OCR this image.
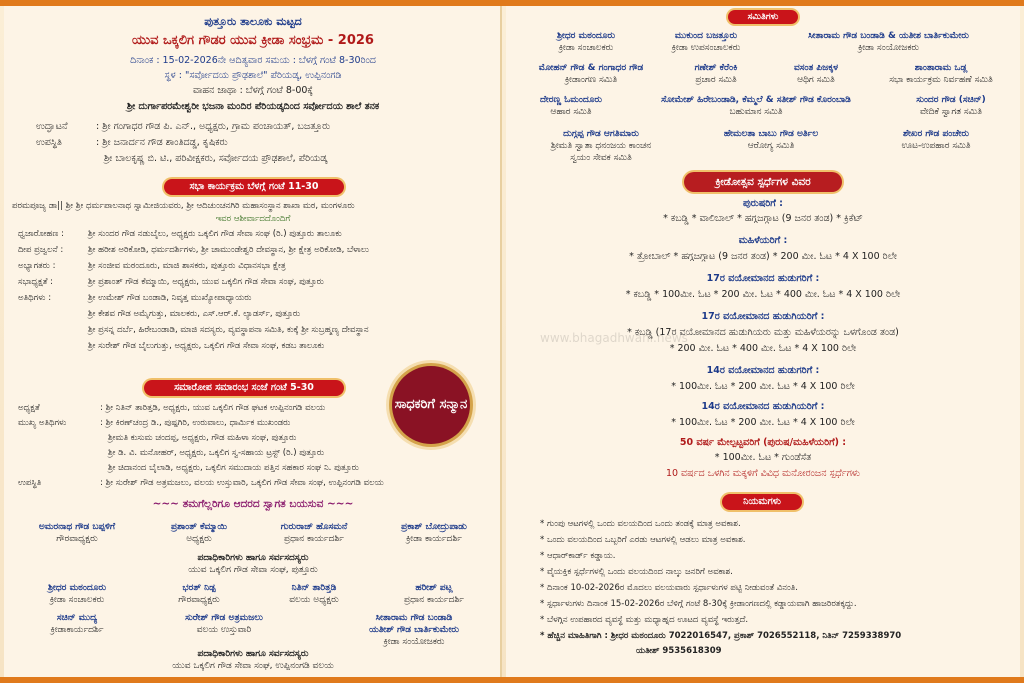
ಪುತ್ತೂರು ತಾಲೂಕು ಮಟ್ಟದ
ಯುವ ಒಕ್ಕಲಿಗ ಗೌಡರ ಯುವ ಕ್ರೀಡಾ ಸಂಭ್ರಮ - 2026
ದಿನಾಂಕ : 15-02-2026ನೇ ಆದಿತ್ಯವಾರ ಸಮಯ : ಬೆಳಗ್ಗೆ ಗಂಟೆ 8-30ರಿಂದ
ಸ್ಥಳ : "ಸರ್ವೋದಯ ಪ್ರೌಢಶಾಲೆ" ಪೆರಿಯಡ್ಕ, ಉಪ್ಪಿನಂಗಡಿ
ವಾಹನ ಜಾಥಾ : ಬೆಳಗ್ಗೆ ಗಂಟೆ 8-00ಕ್ಕೆ
ಶ್ರೀ ದುರ್ಗಾಪರಮೇಶ್ವರೀ ಭಜನಾ ಮಂದಿರ ಪೆರಿಯಡ್ಕದಿಂದ ಸರ್ವೋದಯ ಶಾಲೆ ತನಕ
ಉದ್ಘಾಟನೆ	: ಶ್ರೀ ಗಂಗಾಧರ ಗೌಡ ಪಿ. ಎನ್., ಅಧ್ಯಕ್ಷರು, ಗ್ರಾಮ ಪಂಚಾಯತ್, ಬಜತ್ತೂರು
ಉಪಸ್ಥಿತಿ	: ಶ್ರೀ ಜನಾರ್ದನ ಗೌಡ ಶಾಂತಿದಡ್ಡ, ಕೃಷಿಕರು
ಶ್ರೀ ಬಾಲಕೃಷ್ಣ ಬಿ. ಟಿ., ಪರಿವೀಕ್ಷಕರು, ಸರ್ವೋದಯ ಪ್ರೌಢಶಾಲೆ, ಪೆರಿಯಡ್ಕ
ಸಭಾ ಕಾರ್ಯಕ್ರಮ ಬೆಳಗ್ಗೆ ಗಂಟೆ 11-30
ಪರಮಪೂಜ್ಯ ಡಾ|| ಶ್ರೀ ಶ್ರೀ ಧರ್ಮಪಾಲನಾಥ ಸ್ವಾಮೀಜಿಯವರು, ಶ್ರೀ ಆದಿಚುಂಚನಗಿರಿ ಮಹಾಸಂಸ್ಥಾನ ಶಾಖಾ ಮಠ, ಮಂಗಳೂರು
ಇವರ ಆಶೀರ್ವಾದದೊಂದಿಗೆ
ಧ್ವಜಾರೋಹಣ :	ಶ್ರೀ ಸುಂದರ ಗೌಡ ನಡುಬೈಲು, ಅಧ್ಯಕ್ಷರು ಒಕ್ಕಲಿಗ ಗೌಡ ಸೇವಾ ಸಂಘ (ರಿ.) ಪುತ್ತೂರು ತಾಲೂಕು
ದೀಪ ಪ್ರಜ್ವಲನೆ :	ಶ್ರೀ ಹರೀಶ ಅರಿಕೋಡಿ, ಧರ್ಮದರ್ಶಿಗಳು, ಶ್ರೀ ಚಾಮುಂಡೇಶ್ವರಿ ದೇವಸ್ಥಾನ, ಶ್ರೀ ಕ್ಷೇತ್ರ ಅರಿಕೋಡಿ, ಬೆಳಾಲು
ಅಭ್ಯಾಗತರು :	ಶ್ರೀ ಸಂಜೀವ ಮಠಂದೂರು, ಮಾಜಿ ಶಾಸಕರು, ಪುತ್ತೂರು ವಿಧಾನಸಭಾ ಕ್ಷೇತ್ರ
ಸಭಾಧ್ಯಕ್ಷತೆ :	ಶ್ರೀ ಪ್ರಶಾಂತ್ ಗೌಡ ಕೆಮ್ಮಾಯಿ, ಅಧ್ಯಕ್ಷರು, ಯುವ ಒಕ್ಕಲಿಗ ಗೌಡ ಸೇವಾ ಸಂಘ, ಪುತ್ತೂರು
ಅತಿಥಿಗಳು :	ಶ್ರೀ ಉಮೇಶ್ ಗೌಡ ಬಂಡಾಡಿ, ನಿವೃತ್ತ ಮುಖ್ಯೋಪಾಧ್ಯಾಯರು
ಶ್ರೀ ಕೇಶವ ಗೌಡ ಅಮೈಗುತ್ತು, ಮಾಲಕರು, ಎಸ್.ಆರ್.ಕೆ. ಲ್ಯಾಡರ್ಸ್, ಪುತ್ತೂರು
ಶ್ರೀ ಪ್ರಸನ್ನ ದರ್ಬೆ, ಹಿರೇಬಂಡಾಡಿ, ಮಾಜಿ ಸದಸ್ಯರು, ವ್ಯವಸ್ಥಾಪನಾ ಸಮಿತಿ, ಕುಕ್ಕೆ ಶ್ರೀ ಸುಬ್ರಹ್ಮಣ್ಯ ದೇವಸ್ಥಾನ
ಶ್ರೀ ಸುರೇಶ್ ಗೌಡ ಬೈಲುಗುತ್ತು, ಅಧ್ಯಕ್ಷರು, ಒಕ್ಕಲಿಗ ಗೌಡ ಸೇವಾ ಸಂಘ, ಕಡಬ ತಾಲೂಕು
ಸಮಾರೋಪ ಸಮಾರಂಭ ಸಂಜೆ ಗಂಟೆ 5-30
ಅಧ್ಯಕ್ಷತೆ	: ಶ್ರೀ ನಿತಿನ್ ತಾರಿತ್ತಡಿ, ಅಧ್ಯಕ್ಷರು, ಯುವ ಒಕ್ಕಲಿಗ ಗೌಡ ಘಟಕ ಉಪ್ಪಿನಂಗಡಿ ವಲಯ
ಮುಖ್ಯ ಅತಿಥಿಗಳು	: ಶ್ರೀ ಕಿರಣ್‌ಚಂದ್ರ ಡಿ., ಪುಷ್ಪಗಿರಿ, ಉರುವಾಲು, ಧಾರ್ಮಿಕ ಮುಖಂಡರು
ಶ್ರೀಮತಿ ಕುಸುಮ ಚಂದಪ್ಪ, ಅಧ್ಯಕ್ಷರು, ಗೌಡ ಮಹಿಳಾ ಸಂಘ, ಪುತ್ತೂರು
ಶ್ರೀ ಡಿ. ವಿ. ಮನೋಹರ್, ಅಧ್ಯಕ್ಷರು, ಒಕ್ಕಲಿಗ ಸ್ವ-ಸಹಾಯ ಟ್ರಸ್ಟ್ (ರಿ.) ಪುತ್ತೂರು
ಶ್ರೀ ಚಿದಾನಂದ ಬೈಲಾಡಿ, ಅಧ್ಯಕ್ಷರು, ಒಕ್ಕಲಿಗ ಸಮುದಾಯ ಪತ್ತಿನ ಸಹಕಾರ ಸಂಘ ನಿ. ಪುತ್ತೂರು
ಉಪಸ್ಥಿತಿ	: ಶ್ರೀ ಸುರೇಶ್ ಗೌಡ ಅತ್ರಮಜಲು, ವಲಯ ಉಸ್ತುವಾರಿ, ಒಕ್ಕಲಿಗ ಗೌಡ ಸೇವಾ ಸಂಘ, ಉಪ್ಪಿನಂಗಡಿ ವಲಯ
ಸಾಧಕರಿಗೆ ಸನ್ಮಾನ
~~~ ತಮಗೆಲ್ಲರಿಗೂ ಆದರದ ಸ್ವಾಗತ ಬಯಸುವ ~~~
ಅಮರನಾಥ ಗೌಡ ಬಪ್ಪಳಿಗೆ
ಗೌರವಾಧ್ಯಕ್ಷರು
ಪ್ರಶಾಂತ್ ಕೆಮ್ಮಾಯಿ
ಅಧ್ಯಕ್ಷರು
ಗುರುರಾಜ್ ಹೊಸಮನೆ
ಪ್ರಧಾನ ಕಾರ್ಯದರ್ಶಿ
ಪ್ರಕಾಶ್ ಬೋದ್ರುಪಾಡು
ಕ್ರೀಡಾ ಕಾರ್ಯದರ್ಶಿ
ಪದಾಧಿಕಾರಿಗಳು ಹಾಗೂ ಸರ್ವಸದಸ್ಯರು
ಯುವ ಒಕ್ಕಲಿಗ ಗೌಡ ಸೇವಾ ಸಂಘ, ಪುತ್ತೂರು
ಶ್ರೀಧರ ಮಠಂದೂರು
ಕ್ರೀಡಾ ಸಂಚಾಲಕರು
ಭರತ್ ನಿಡ್ಪ
ಗೌರವಾಧ್ಯಕ್ಷರು
ನಿತಿನ್ ತಾರಿತ್ತಡಿ
ವಲಯ ಅಧ್ಯಕ್ಷರು
ಹರೀಶ್ ಪಟ್ಲ
ಪ್ರಧಾನ ಕಾರ್ಯದರ್ಶಿ
ಸಚಿನ್ ಮುದ್ಯ
ಕ್ರೀಡಾಕಾರ್ಯದರ್ಶಿ
ಸುರೇಶ್ ಗೌಡ ಅತ್ರಮಜಲು
ವಲಯ ಉಸ್ತುವಾರಿ
ಸೀತಾರಾಮ ಗೌಡ ಬಂಡಾಡಿ
ಯತೀಶ್ ಗೌಡ ಬಾರ್ತಿಕುಮೇರು
ಕ್ರೀಡಾ ಸಂಯೋಜಕರು
ಪದಾಧಿಕಾರಿಗಳು ಹಾಗೂ ಸರ್ವಸದಸ್ಯರು
ಯುವ ಒಕ್ಕಲಿಗ ಗೌಡ ಸೇವಾ ಸಂಘ, ಉಪ್ಪಿನಂಗಡಿ ವಲಯ
ಸಮಿತಿಗಳು
ಶ್ರೀಧರ ಮಠಂದೂರು
ಕ್ರೀಡಾ ಸಂಚಾಲಕರು
ಮುಕುಂದ ಬಜತ್ತೂರು
ಕ್ರೀಡಾ ಉಪಸಂಚಾಲಕರು
ಸೀತಾರಾಮ ಗೌಡ ಬಂಡಾಡಿ & ಯತೀಶ ಬಾರ್ತಿಕುಮೇರು
ಕ್ರೀಡಾ ಸಂಯೋಜಕರು
ಮೋಹನ್ ಗೌಡ & ಗಂಗಾಧರ ಗೌಡ
ಕ್ರೀಡಾಂಗಣ ಸಮಿತಿ
ಗಣೇಶ್ ಕೆರೆಂಕಿ
ಪ್ರಚಾರ ಸಮಿತಿ
ವಸಂತ ಪಿಜಕ್ಕಳ
ಆಥಿಗ ಸಮಿತಿ
ಶಾಂತಾರಾಮ ಒಡ್ಲ
ಸಭಾ ಕಾರ್ಯಕ್ರಮ ನಿರ್ವಹಣೆ ಸಮಿತಿ
ದೇರಣ್ಣ ಓಮಂದೂರು
ಆಹಾರ ಸಮಿತಿ
ಸೋಮೇಶ್ ಹಿರೇಬಂಡಾಡಿ, ಕೆಮ್ಮಲೆ & ಸತೀಶ್ ಗೌಡ ಕೊರಂಬಾಡಿ
ಬಹುಮಾನ ಸಮಿತಿ
ಸುಂದರ ಗೌಡ (ಸಚಿನ್)
ವೇದಿಕೆ ಸ್ವಾಗತ ಸಮಿತಿ
ದುಗ್ಗಪ್ಪ ಗೌಡ ಆಗತಿಮಾರು
ಶ್ರೀಮತಿ ಸ್ವಾತಾ ಧನಂಜಯ ಕಾಂಚನ
ಸ್ವಯಂ ಸೇವಕ ಸಮಿತಿ
ಹೇಮಲತಾ ಬಾಬು ಗೌಡ ಅರ್ತಿಲ
ಆರೋಗ್ಯ ಸಮಿತಿ
ಶೇಖರ ಗೌಡ ಪಂಚೇರು
ಊಟ-ಉಪಹಾರ ಸಮಿತಿ
ಕ್ರೀಡೋತ್ಸವ ಸ್ಪರ್ಧೆಗಳ ವಿವರ
ಪುರುಷರಿಗೆ :
* ಕಬಡ್ಡಿ * ವಾಲಿಬಾಲ್ * ಹಗ್ಗಜಗ್ಗಾಟ (9 ಜನರ ತಂಡ) * ಕ್ರಿಕೆಟ್
ಮಹಿಳೆಯರಿಗೆ :
* ತ್ರೋಬಾಲ್ * ಹಗ್ಗಜಗ್ಗಾಟ (9 ಜನರ ತಂಡ) * 200 ಮೀ. ಓಟ * 4 X 100 ರಿಲೇ
17ರ ವಯೋಮಾನದ ಹುಡುಗರಿಗೆ :
* ಕಬಡ್ಡಿ * 100ಮೀ. ಓಟ * 200 ಮೀ. ಓಟ * 400 ಮೀ. ಓಟ * 4 X 100 ರಿಲೇ
17ರ ವಯೋಮಾನದ ಹುಡುಗಿಯರಿಗೆ :
* ಕಬಡ್ಡಿ (17ರ ವಯೋಮಾನದ ಹುಡುಗಿಯರು ಮತ್ತು ಮಹಿಳೆಯರನ್ನು ಒಳಗೊಂಡ ತಂಡ)
* 200 ಮೀ. ಓಟ * 400 ಮೀ. ಓಟ * 4 X 100 ರಿಲೇ
14ರ ವಯೋಮಾನದ ಹುಡುಗರಿಗೆ :
* 100ಮೀ. ಓಟ * 200 ಮೀ. ಓಟ * 4 X 100 ರಿಲೇ
14ರ ವಯೋಮಾನದ ಹುಡುಗಿಯರಿಗೆ :
* 100ಮೀ. ಓಟ * 200 ಮೀ. ಓಟ * 4 X 100 ರಿಲೇ
50 ವರ್ಷ ಮೇಲ್ಪಟ್ಟವರಿಗೆ (ಪುರುಷ/ಮಹಿಳೆಯರಿಗೆ) :
* 100ಮೀ. ಓಟ * ಗುಂಡೆಸೆತ
10 ವರ್ಷದ ಒಳಗಿನ ಮಕ್ಕಳಿಗೆ ವಿವಿಧ ಮನೋರಂಜನ ಸ್ಪರ್ಧೆಗಳು
ನಿಯಮಗಳು
* ಗುಂಪು ಆಟಗಳಲ್ಲಿ ಒಂದು ವಲಯದಿಂದ ಒಂದು ತಂಡಕ್ಕೆ ಮಾತ್ರ ಅವಕಾಶ.
* ಒಂದು ವಲಯದಿಂದ ಒಬ್ಬರಿಗೆ ಎರಡು ಆಟಗಳಲ್ಲಿ ಆಡಲು ಮಾತ್ರ ಅವಕಾಶ.
* ಆಧಾರ್‌ಕಾರ್ಡ್ ಕಡ್ಡಾಯ.
* ವೈಯಕ್ತಿಕ ಸ್ಪರ್ಧೆಗಳಲ್ಲಿ ಒಂದು ವಲಯದಿಂದ ನಾಲ್ಕು ಜನರಿಗೆ ಅವಕಾಶ.
* ದಿನಾಂಕ 10-02-2026ರ ಮೊದಲು ವಲಯವಾರು ಸ್ಪರ್ಧಾಳುಗಳ ಪಟ್ಟಿ ನೀಡುವಂತೆ ವಿನಂತಿ.
* ಸ್ಪರ್ಧಾಳುಗಳು ದಿನಾಂಕ 15-02-2026ರ ಬೆಳಿಗ್ಗೆ ಗಂಟೆ 8-30ಕ್ಕೆ ಕ್ರೀಡಾಂಗಣದಲ್ಲಿ ಕಡ್ಡಾಯವಾಗಿ ಹಾಜರಿರತಕ್ಕದ್ದು.
* ಬೆಳಗ್ಗಿನ ಉಪಹಾರದ ವ್ಯವಸ್ಥೆ ಮತ್ತು ಮಧ್ಯಾಹ್ನದ ಊಟದ ವ್ಯವಸ್ಥೆ ಇರುತ್ತದೆ.
* ಹೆಚ್ಚಿನ ಮಾಹಿತಿಗಾಗಿ : ಶ್ರೀಧರ ಮಠಂದೂರು 7022016547, ಪ್ರಕಾಶ್ 7026552118, ನಿತಿನ್ 7259338970
ಯತೀಶ್ 9535618309
www.bhagadhwani.news
